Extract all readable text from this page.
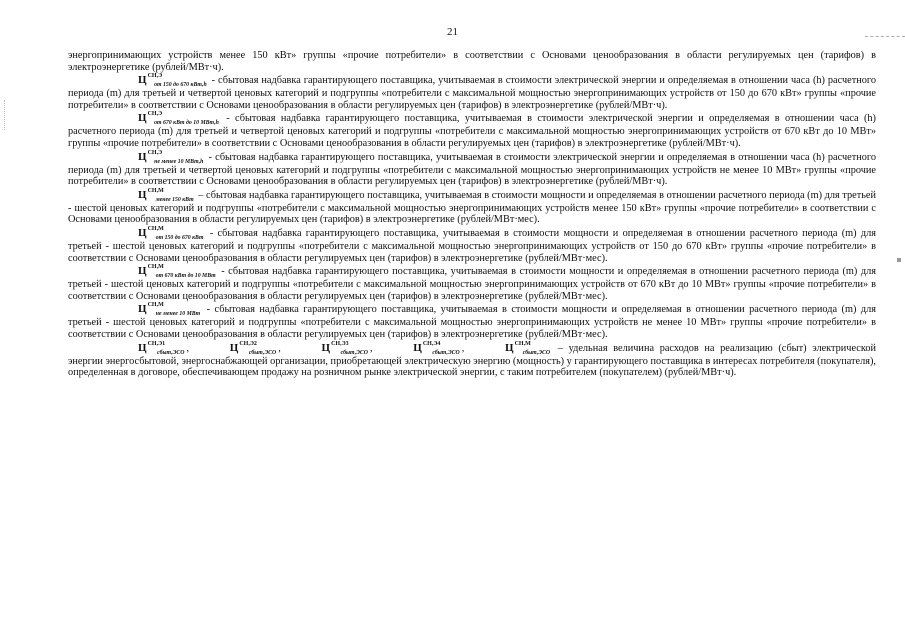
21

энергопринимающих устройств менее 150 кВт» группы «прочие потребители» в соответствии с Основами ценообразования в области регулируемых цен (тарифов) в электроэнергетике (рублей/МВт·ч).

$Ц^{СН,Э}_{от 150 до 670 кВт,h}$ - сбытовая надбавка гарантирующего поставщика, учитываемая в стоимости электрической энергии и определяемая в отношении часа (h) расчетного периода (m) для третьей и четвертой ценовых категорий и подгруппы «потребители с максимальной мощностью энергопринимающих устройств от 150 до 670 кВт» группы «прочие потребители» в соответствии с Основами ценообразования в области регулируемых цен (тарифов) в электроэнергетике (рублей/МВт·ч).

$Ц^{СН,Э}_{от 670 кВт до 10 МВт,h}$ - сбытовая надбавка гарантирующего поставщика, учитываемая в стоимости электрической энергии и определяемая в отношении часа (h) расчетного периода (m) для третьей и четвертой ценовых категорий и подгруппы «потребители с максимальной мощностью энергопринимающих устройств от 670 кВт до 10 МВт» группы «прочие потребители» в соответствии с Основами ценообразования в области регулируемых цен (тарифов) в электроэнергетике (рублей/МВт·ч).

$Ц^{СН,Э}_{не менее 10 МВт,h}$ - сбытовая надбавка гарантирующего поставщика, учитываемая в стоимости электрической энергии и определяемая в отношении часа (h) расчетного периода (m) для третьей и четвертой ценовых категорий и подгруппы «потребители с максимальной мощностью энергопринимающих устройств не менее 10 МВт» группы «прочие потребители» в соответствии с Основами ценообразования в области регулируемых цен (тарифов) в электроэнергетике (рублей/МВт·ч).

$Ц^{СН,М}_{менее 150 кВт}$ – сбытовая надбавка гарантирующего поставщика, учитываемая в стоимости мощности и определяемая в отношении расчетного периода (m) для третьей - шестой ценовых категорий и подгруппы «потребители с максимальной мощностью энергопринимающих устройств менее 150 кВт» группы «прочие потребители» в соответствии с Основами ценообразования в области регулируемых цен (тарифов) в электроэнергетике (рублей/МВт·мес).

$Ц^{СН,М}_{от 150 до 670 кВт}$ - сбытовая надбавка гарантирующего поставщика, учитываемая в стоимости мощности и определяемая в отношении расчетного периода (m) для третьей - шестой ценовых категорий и подгруппы «потребители с максимальной мощностью энергопринимающих устройств от 150 до 670 кВт» группы «прочие потребители» в соответствии с Основами ценообразования в области регулируемых цен (тарифов) в электроэнергетике (рублей/МВт·мес).

$Ц^{СН,М}_{от 670 кВт до 10 МВт}$ - сбытовая надбавка гарантирующего поставщика, учитываемая в стоимости мощности и определяемая в отношении расчетного периода (m) для третьей - шестой ценовых категорий и подгруппы «потребители с максимальной мощностью энергопринимающих устройств от 670 кВт до 10 МВт» группы «прочие потребители» в соответствии с Основами ценообразования в области регулируемых цен (тарифов) в электроэнергетике (рублей/МВт·мес).

$Ц^{СН,М}_{не менее 10 МВт}$ - сбытовая надбавка гарантирующего поставщика, учитываемая в стоимости мощности и определяемая в отношении расчетного периода (m) для третьей - шестой ценовых категорий и подгруппы «потребители с максимальной мощностью энергопринимающих устройств не менее 10 МВт» группы «прочие потребители» в соответствии с Основами ценообразования в области регулируемых цен (тарифов) в электроэнергетике (рублей/МВт·мес).

$Ц^{СН,Э1}_{сбыт,ЭСО}$ ,	$Ц^{СН,Э2}_{сбыт,ЭСО}$ ,	$Ц^{СН,Э3}_{сбыт,ЭСО}$ ,	$Ц^{СН,Э4}_{сбыт,ЭСО}$ ,	$Ц^{СН,М}_{сбыт,ЭСО}$ – удельная величина расходов на реализацию (сбыт) электрической энергии энергосбытовой, энергоснабжающей организации, приобретающей электрическую энергию (мощность) у гарантирующего поставщика в интересах потребителя (покупателя), определенная в договоре, обеспечивающем продажу на розничном рынке электрической энергии, с таким потребителем (покупателем) (рублей/МВт·ч).
